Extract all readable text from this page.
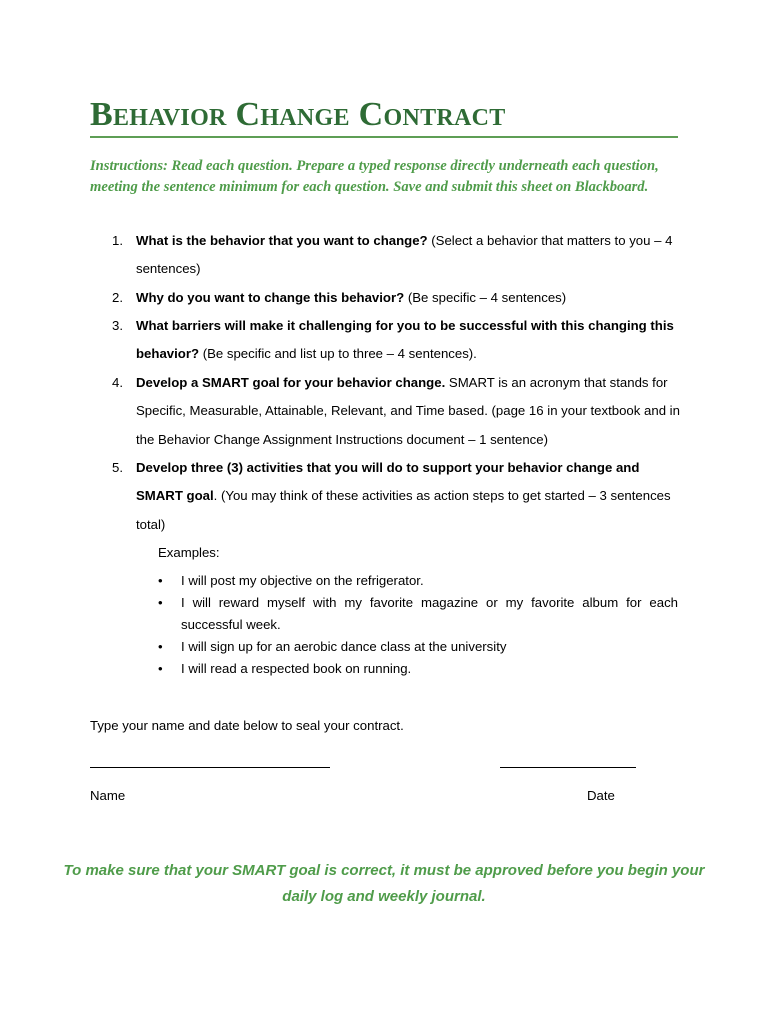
Behavior Change Contract

Instructions: Read each question. Prepare a typed response directly underneath each question, meeting the sentence minimum for each question. Save and submit this sheet on Blackboard.

1. What is the behavior that you want to change? (Select a behavior that matters to you – 4 sentences)
2. Why do you want to change this behavior? (Be specific – 4 sentences)
3. What barriers will make it challenging for you to be successful with this changing this behavior? (Be specific and list up to three – 4 sentences).
4. Develop a SMART goal for your behavior change. SMART is an acronym that stands for Specific, Measurable, Attainable, Relevant, and Time based. (page 16 in your textbook and in the Behavior Change Assignment Instructions document – 1 sentence)
5. Develop three (3) activities that you will do to support your behavior change and SMART goal. (You may think of these activities as action steps to get started – 3 sentences total)
Examples:
• I will post my objective on the refrigerator.
• I will reward myself with my favorite magazine or my favorite album for each successful week.
• I will sign up for an aerobic dance class at the university
• I will read a respected book on running.
Type your name and date below to seal your contract.
Name	Date

To make sure that your SMART goal is correct, it must be approved before you begin your daily log and weekly journal.
